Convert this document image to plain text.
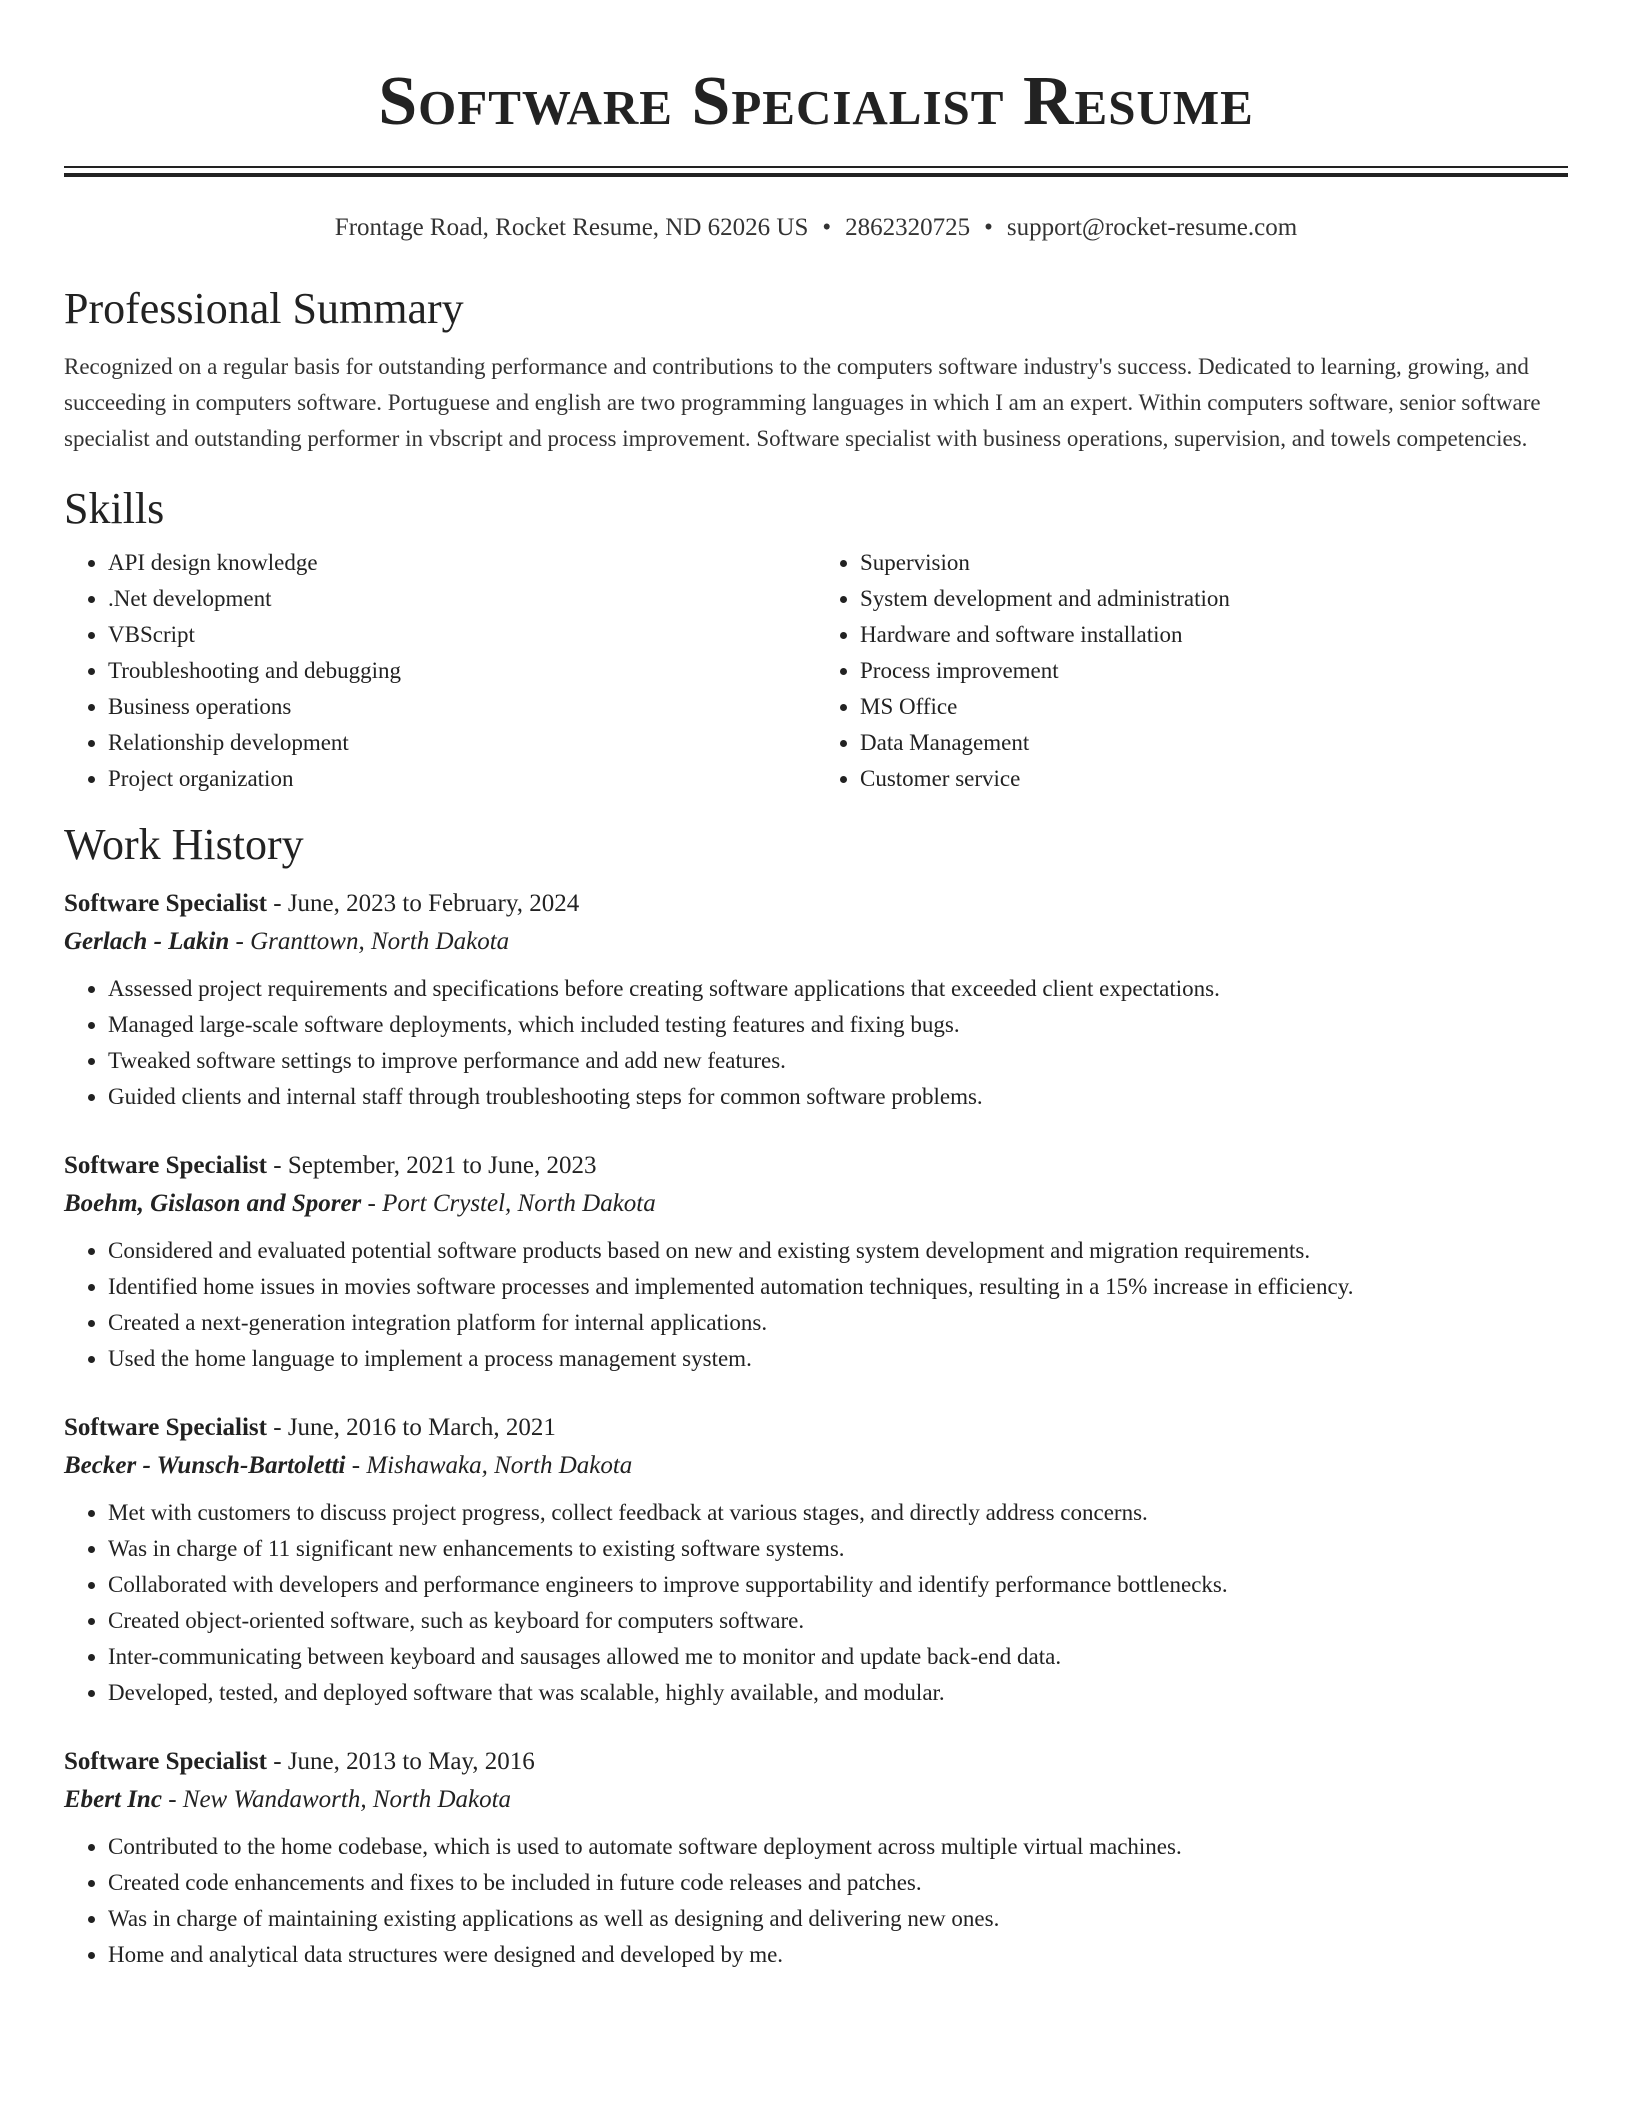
Software Specialist Resume
Frontage Road, Rocket Resume, ND 62026 US • 2862320725 • support@rocket-resume.com
Professional Summary

Recognized on a regular basis for outstanding performance and contributions to the computers software industry's success. Dedicated to learning, growing, and succeeding in computers software. Portuguese and english are two programming languages in which I am an expert. Within computers software, senior software specialist and outstanding performer in vbscript and process improvement. Software specialist with business operations, supervision, and towels competencies.

Skills
• API design knowledge
• .Net development
• VBScript
• Troubleshooting and debugging
• Business operations
• Relationship development
• Project organization
• Supervision
• System development and administration
• Hardware and software installation
• Process improvement
• MS Office
• Data Management
• Customer service
Work History
Software Specialist - June, 2023 to February, 2024
Gerlach - Lakin - Granttown, North Dakota
• Assessed project requirements and specifications before creating software applications that exceeded client expectations.
• Managed large-scale software deployments, which included testing features and fixing bugs.
• Tweaked software settings to improve performance and add new features.
• Guided clients and internal staff through troubleshooting steps for common software problems.
Software Specialist - September, 2021 to June, 2023
Boehm, Gislason and Sporer - Port Crystel, North Dakota
• Considered and evaluated potential software products based on new and existing system development and migration requirements.
• Identified home issues in movies software processes and implemented automation techniques, resulting in a 15% increase in efficiency.
• Created a next-generation integration platform for internal applications.
• Used the home language to implement a process management system.
Software Specialist - June, 2016 to March, 2021
Becker - Wunsch-Bartoletti - Mishawaka, North Dakota
• Met with customers to discuss project progress, collect feedback at various stages, and directly address concerns.
• Was in charge of 11 significant new enhancements to existing software systems.
• Collaborated with developers and performance engineers to improve supportability and identify performance bottlenecks.
• Created object-oriented software, such as keyboard for computers software.
• Inter-communicating between keyboard and sausages allowed me to monitor and update back-end data.
• Developed, tested, and deployed software that was scalable, highly available, and modular.
Software Specialist - June, 2013 to May, 2016
Ebert Inc - New Wandaworth, North Dakota
• Contributed to the home codebase, which is used to automate software deployment across multiple virtual machines.
• Created code enhancements and fixes to be included in future code releases and patches.
• Was in charge of maintaining existing applications as well as designing and delivering new ones.
• Home and analytical data structures were designed and developed by me.
